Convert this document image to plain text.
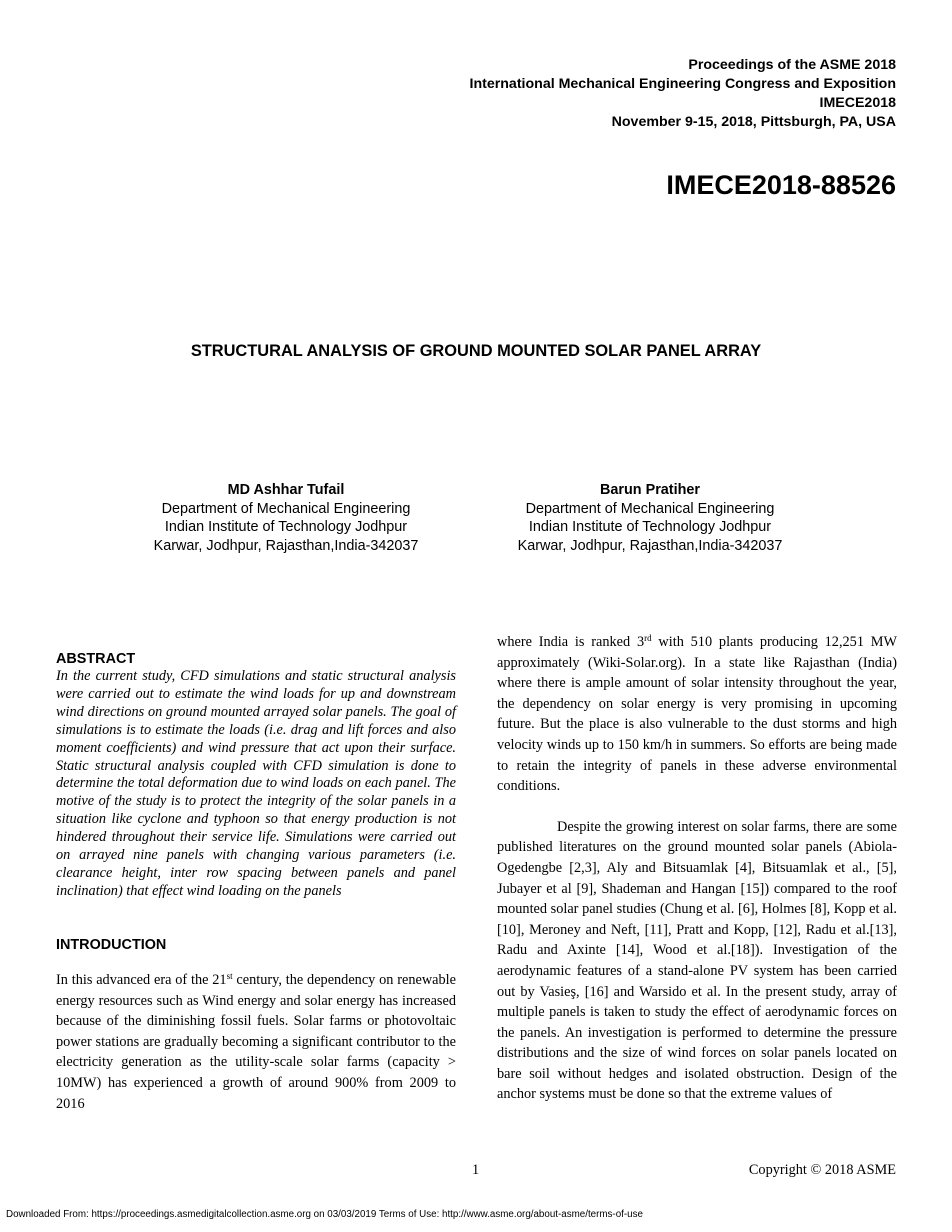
Proceedings of the ASME 2018
International Mechanical Engineering Congress and Exposition
IMECE2018
November 9-15, 2018, Pittsburgh, PA, USA
IMECE2018-88526
STRUCTURAL ANALYSIS OF GROUND MOUNTED SOLAR PANEL ARRAY
MD Ashhar Tufail
Department of Mechanical Engineering
Indian Institute of Technology Jodhpur
Karwar, Jodhpur, Rajasthan,India-342037
Barun Pratiher
Department of Mechanical Engineering
Indian Institute of Technology Jodhpur
Karwar, Jodhpur, Rajasthan,India-342037
ABSTRACT

In the current study, CFD simulations and static structural analysis were carried out to estimate the wind loads for up and downstream wind directions on ground mounted arrayed solar panels. The goal of simulations is to estimate the loads (i.e. drag and lift forces and also moment coefficients) and wind pressure that act upon their surface. Static structural analysis coupled with CFD simulation is done to determine the total deformation due to wind loads on each panel. The motive of the study is to protect the integrity of the solar panels in a situation like cyclone and typhoon so that energy production is not hindered throughout their service life. Simulations were carried out on arrayed nine panels with changing various parameters (i.e. clearance height, inter row spacing between panels and panel inclination) that effect wind loading on the panels

INTRODUCTION

In this advanced era of the 21st century, the dependency on renewable energy resources such as Wind energy and solar energy has increased because of the diminishing fossil fuels. Solar farms or photovoltaic power stations are gradually becoming a significant contributor to the electricity generation as the utility-scale solar farms (capacity > 10MW) has experienced a growth of around 900% from 2009 to 2016

where India is ranked 3rd with 510 plants producing 12,251 MW approximately (Wiki-Solar.org). In a state like Rajasthan (India) where there is ample amount of solar intensity throughout the year, the dependency on solar energy is very promising in upcoming future. But the place is also vulnerable to the dust storms and high velocity winds up to 150 km/h in summers. So efforts are being made to retain the integrity of panels in these adverse environmental conditions.

Despite the growing interest on solar farms, there are some published literatures on the ground mounted solar panels (Abiola-Ogedengbe [2,3], Aly and Bitsuamlak [4], Bitsuamlak et al., [5], Jubayer et al [9], Shademan and Hangan [15]) compared to the roof mounted solar panel studies (Chung et al. [6], Holmes [8], Kopp et al. [10], Meroney and Neft, [11], Pratt and Kopp, [12], Radu et al.[13], Radu and Axinte [14], Wood et al.[18]). Investigation of the aerodynamic features of a stand-alone PV system has been carried out by Vasieş, [16] and Warsido et al. In the present study, array of multiple panels is taken to study the effect of aerodynamic forces on the panels. An investigation is performed to determine the pressure distributions and the size of wind forces on solar panels located on bare soil without hedges and isolated obstruction. Design of the anchor systems must be done so that the extreme values of

1	Copyright © 2018 ASME
Downloaded From: https://proceedings.asmedigitalcollection.asme.org on 03/03/2019 Terms of Use: http://www.asme.org/about-asme/terms-of-use
